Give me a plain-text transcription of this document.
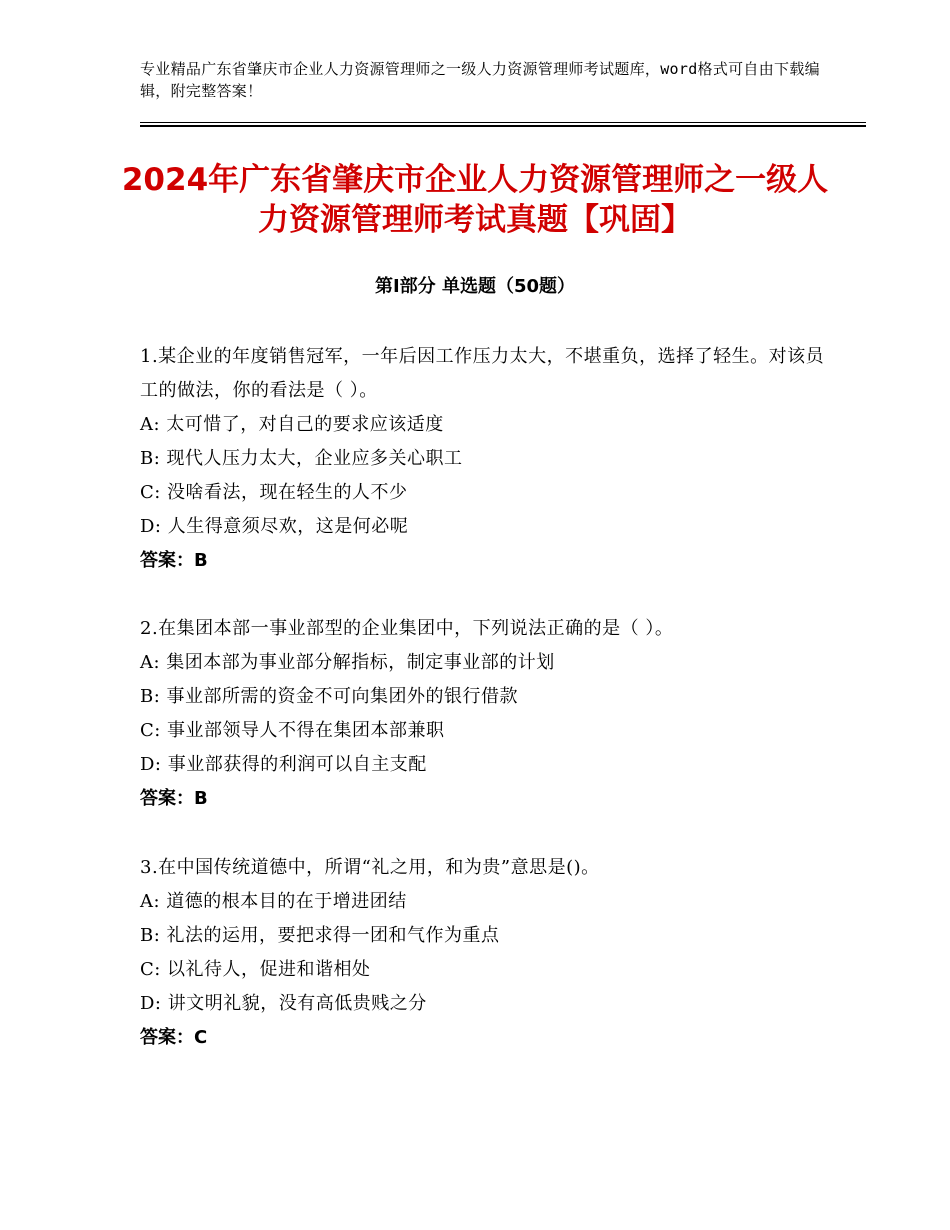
专业精品广东省肇庆市企业人力资源管理师之一级人力资源管理师考试题库，word格式可自由下载编辑，附完整答案！
2024年广东省肇庆市企业人力资源管理师之一级人力资源管理师考试真题【巩固】
第Ⅰ部分 单选题（50题）
1.某企业的年度销售冠军，一年后因工作压力太大，不堪重负，选择了轻生。对该员工的做法，你的看法是（ ）。
A: 太可惜了，对自己的要求应该适度
B: 现代人压力太大，企业应多关心职工
C: 没啥看法，现在轻生的人不少
D: 人生得意须尽欢，这是何必呢
答案：B
2.在集团本部一事业部型的企业集团中，下列说法正确的是（ ）。
A: 集团本部为事业部分解指标，制定事业部的计划
B: 事业部所需的资金不可向集团外的银行借款
C: 事业部领导人不得在集团本部兼职
D: 事业部获得的利润可以自主支配
答案：B
3.在中国传统道德中，所谓“礼之用，和为贵”意思是()。
A: 道德的根本目的在于增进团结
B: 礼法的运用，要把求得一团和气作为重点
C: 以礼待人，促进和谐相处
D: 讲文明礼貌，没有高低贵贱之分
答案：C
